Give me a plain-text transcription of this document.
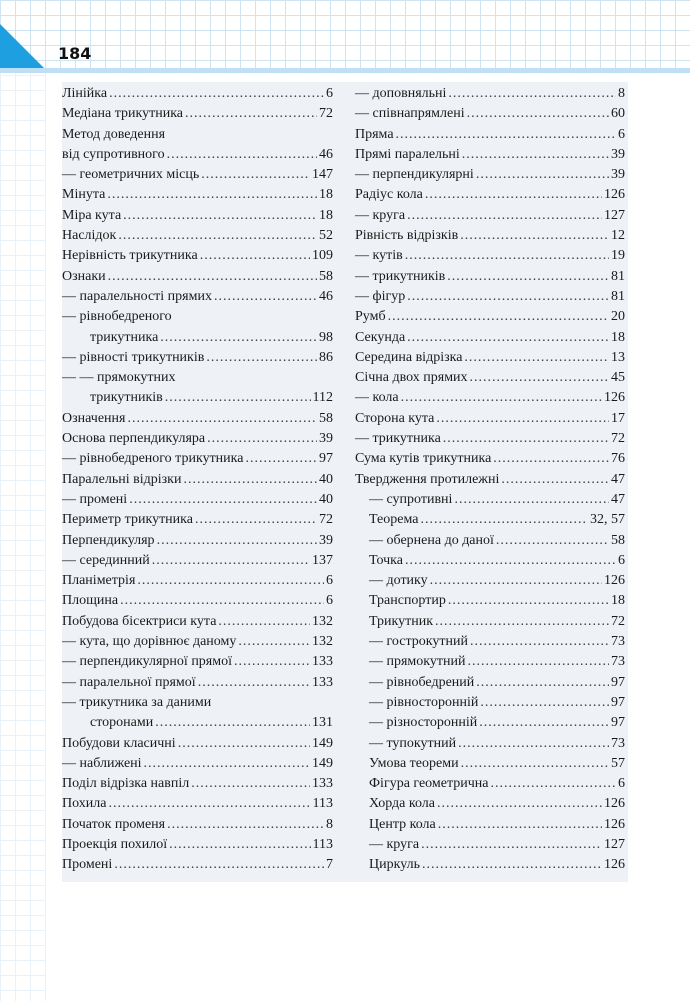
184
Лінійка .....	6
Медіана трикутника .....	72
Метод доведення
від супротивного .....	46
— геометричних місць .....	147
Мінута .....	18
Міра кута .....	18
Наслідок .....	52
Нерівність трикутника .....	109
Ознаки .....	58
— паралельності прямих .....	46
— рівнобедреного
трикутника .....	98
— рівності трикутників .....	86
— — прямокутних
трикутників .....	112
Означення .....	58
Основа перпендикуляра .....	39
— рівнобедреного трикутника .....	97
Паралельні відрізки .....	40
— промені .....	40
Периметр трикутника .....	72
Перпендикуляр .....	39
— серединний .....	137
Планіметрія .....	6
Площина .....	6
Побудова бісектриси кута .....	132
— кута, що дорівнює даному .....	132
— перпендикулярної прямої .....	133
— паралельної прямої .....	133
— трикутника за даними
сторонами .....	131
Побудови класичні .....	149
— наближені .....	149
Поділ відрізка навпіл .....	133
Похила .....	113
Початок променя .....	8
Проекція похилої .....	113
Промені .....	7
— доповняльні .....	8
— співнапрямлені .....	60
Пряма .....	6
Прямі паралельні .....	39
— перпендикулярні .....	39
Радіус кола .....	126
— круга .....	127
Рівність відрізків .....	12
— кутів .....	19
— трикутників .....	81
— фігур .....	81
Румб .....	20
Секунда .....	18
Середина відрізка .....	13
Січна двох прямих .....	45
— кола .....	126
Сторона кута .....	17
— трикутника .....	72
Сума кутів трикутника .....	76
Твердження протилежні .....	47
— супротивні .....	47
Теорема .....	32, 57
— обернена до даної .....	58
Точка .....	6
— дотику .....	126
Транспортир .....	18
Трикутник .....	72
— гострокутний .....	73
— прямокутний .....	73
— рівнобедрений .....	97
— рівносторонній .....	97
— різносторонній .....	97
— тупокутний .....	73
Умова теореми .....	57
Фігура геометрична .....	6
Хорда кола .....	126
Центр кола .....	126
— круга .....	127
Циркуль .....	126
